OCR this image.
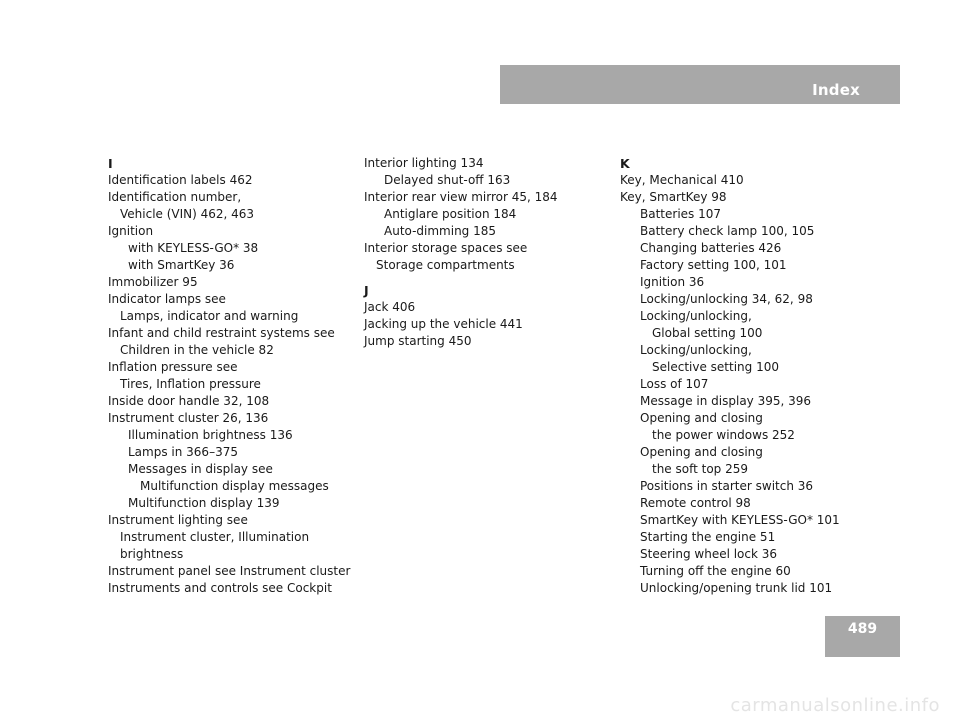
Index
I
Identification labels 462
Identification number,
Vehicle (VIN) 462, 463
Ignition
with KEYLESS-GO* 38
with SmartKey 36
Immobilizer 95
Indicator lamps see
Lamps, indicator and warning
Infant and child restraint systems see
Children in the vehicle 82
Inflation pressure see
Tires, Inflation pressure
Inside door handle 32, 108
Instrument cluster 26, 136
Illumination brightness 136
Lamps in 366–375
Messages in display see
Multifunction display messages
Multifunction display 139
Instrument lighting see
Instrument cluster, Illumination
brightness
Instrument panel see Instrument cluster
Instruments and controls see Cockpit
Interior lighting 134
Delayed shut-off 163
Interior rear view mirror 45, 184
Antiglare position 184
Auto-dimming 185
Interior storage spaces see
Storage compartments
J
Jack 406
Jacking up the vehicle 441
Jump starting 450
K
Key, Mechanical 410
Key, SmartKey 98
Batteries 107
Battery check lamp 100, 105
Changing batteries 426
Factory setting 100, 101
Ignition 36
Locking/unlocking 34, 62, 98
Locking/unlocking,
Global setting 100
Locking/unlocking,
Selective setting 100
Loss of 107
Message in display 395, 396
Opening and closing
the power windows 252
Opening and closing
the soft top 259
Positions in starter switch 36
Remote control 98
SmartKey with KEYLESS-GO* 101
Starting the engine 51
Steering wheel lock 36
Turning off the engine 60
Unlocking/opening trunk lid 101
489
carmanualsonline.info
